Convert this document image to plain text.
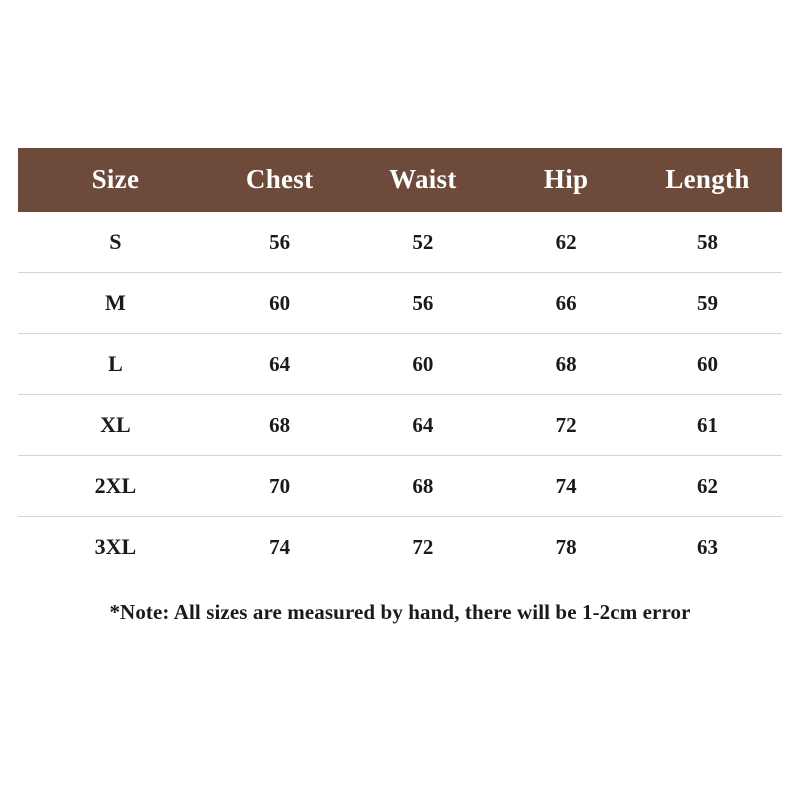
Size	Chest	Waist	Hip	Length
S	56	52	62	58
M	60	56	66	59
L	64	60	68	60
XL	68	64	72	61
2XL	70	68	74	62
3XL	74	72	78	63
*Note: All sizes are measured by hand, there will be 1-2cm error
